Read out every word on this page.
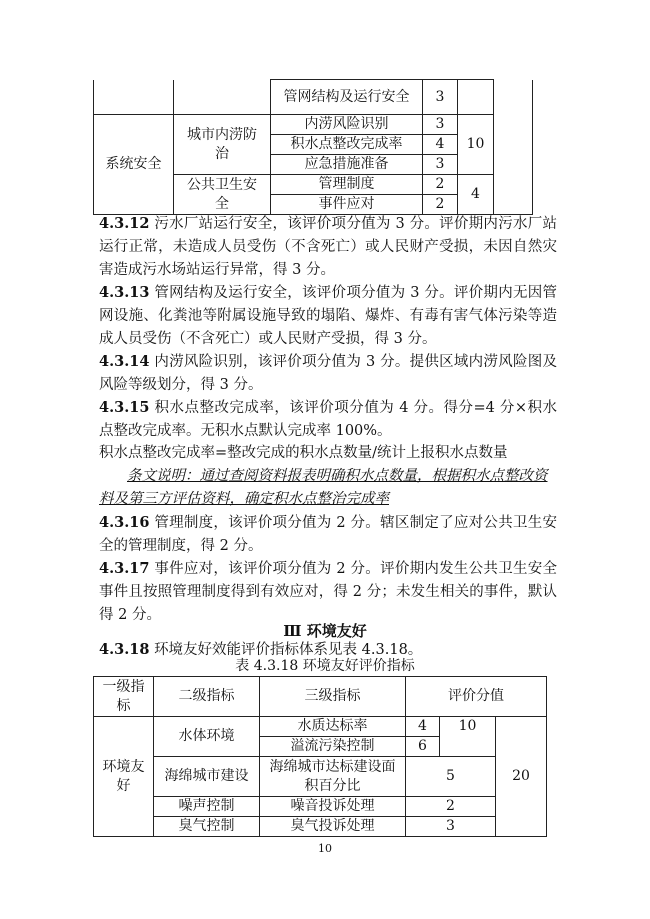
		管网结构及运行安全	3		
系统安全	城市内涝防治	内涝风险识别	3	10	
		积水点整改完成率	4		
		应急措施准备	3		
	公共卫生安全	管理制度	2	4	
		事件应对	2		
4.3.12 污水厂站运行安全，该评价项分值为 3 分。评价期内污水厂站运行正常，未造成人员受伤（不含死亡）或人民财产受损，未因自然灾害造成污水场站运行异常，得 3 分。
4.3.13 管网结构及运行安全，该评价项分值为 3 分。评价期内无因管网设施、化粪池等附属设施导致的塌陷、爆炸、有毒有害气体污染等造成人员受伤（不含死亡）或人民财产受损，得 3 分。
4.3.14 内涝风险识别，该评价项分值为 3 分。提供区域内涝风险图及风险等级划分，得 3 分。
4.3.15 积水点整改完成率，该评价项分值为 4 分。得分=4 分×积水点整改完成率。无积水点默认完成率 100%。
积水点整改完成率=整改完成的积水点数量/统计上报积水点数量
条文说明：通过查阅资料报表明确积水点数量，根据积水点整改资料及第三方评估资料，确定积水点整治完成率
4.3.16 管理制度，该评价项分值为 2 分。辖区制定了应对公共卫生安全的管理制度，得 2 分。
4.3.17 事件应对，该评价项分值为 2 分。评价期内发生公共卫生安全事件且按照管理制度得到有效应对，得 2 分；未发生相关的事件，默认得 2 分。
Ⅲ 环境友好
4.3.18 环境友好效能评价指标体系见表 4.3.18。
表 4.3.18 环境友好评价指标
一级指标	二级指标	三级指标	评价分值		
环境友好	水体环境	水质达标率	4	10	20
		溢流污染控制	6		
	海绵城市建设	海绵城市达标建设面积百分比	5		
	噪声控制	噪音投诉处理	2		
	臭气控制	臭气投诉处理	3		
10
